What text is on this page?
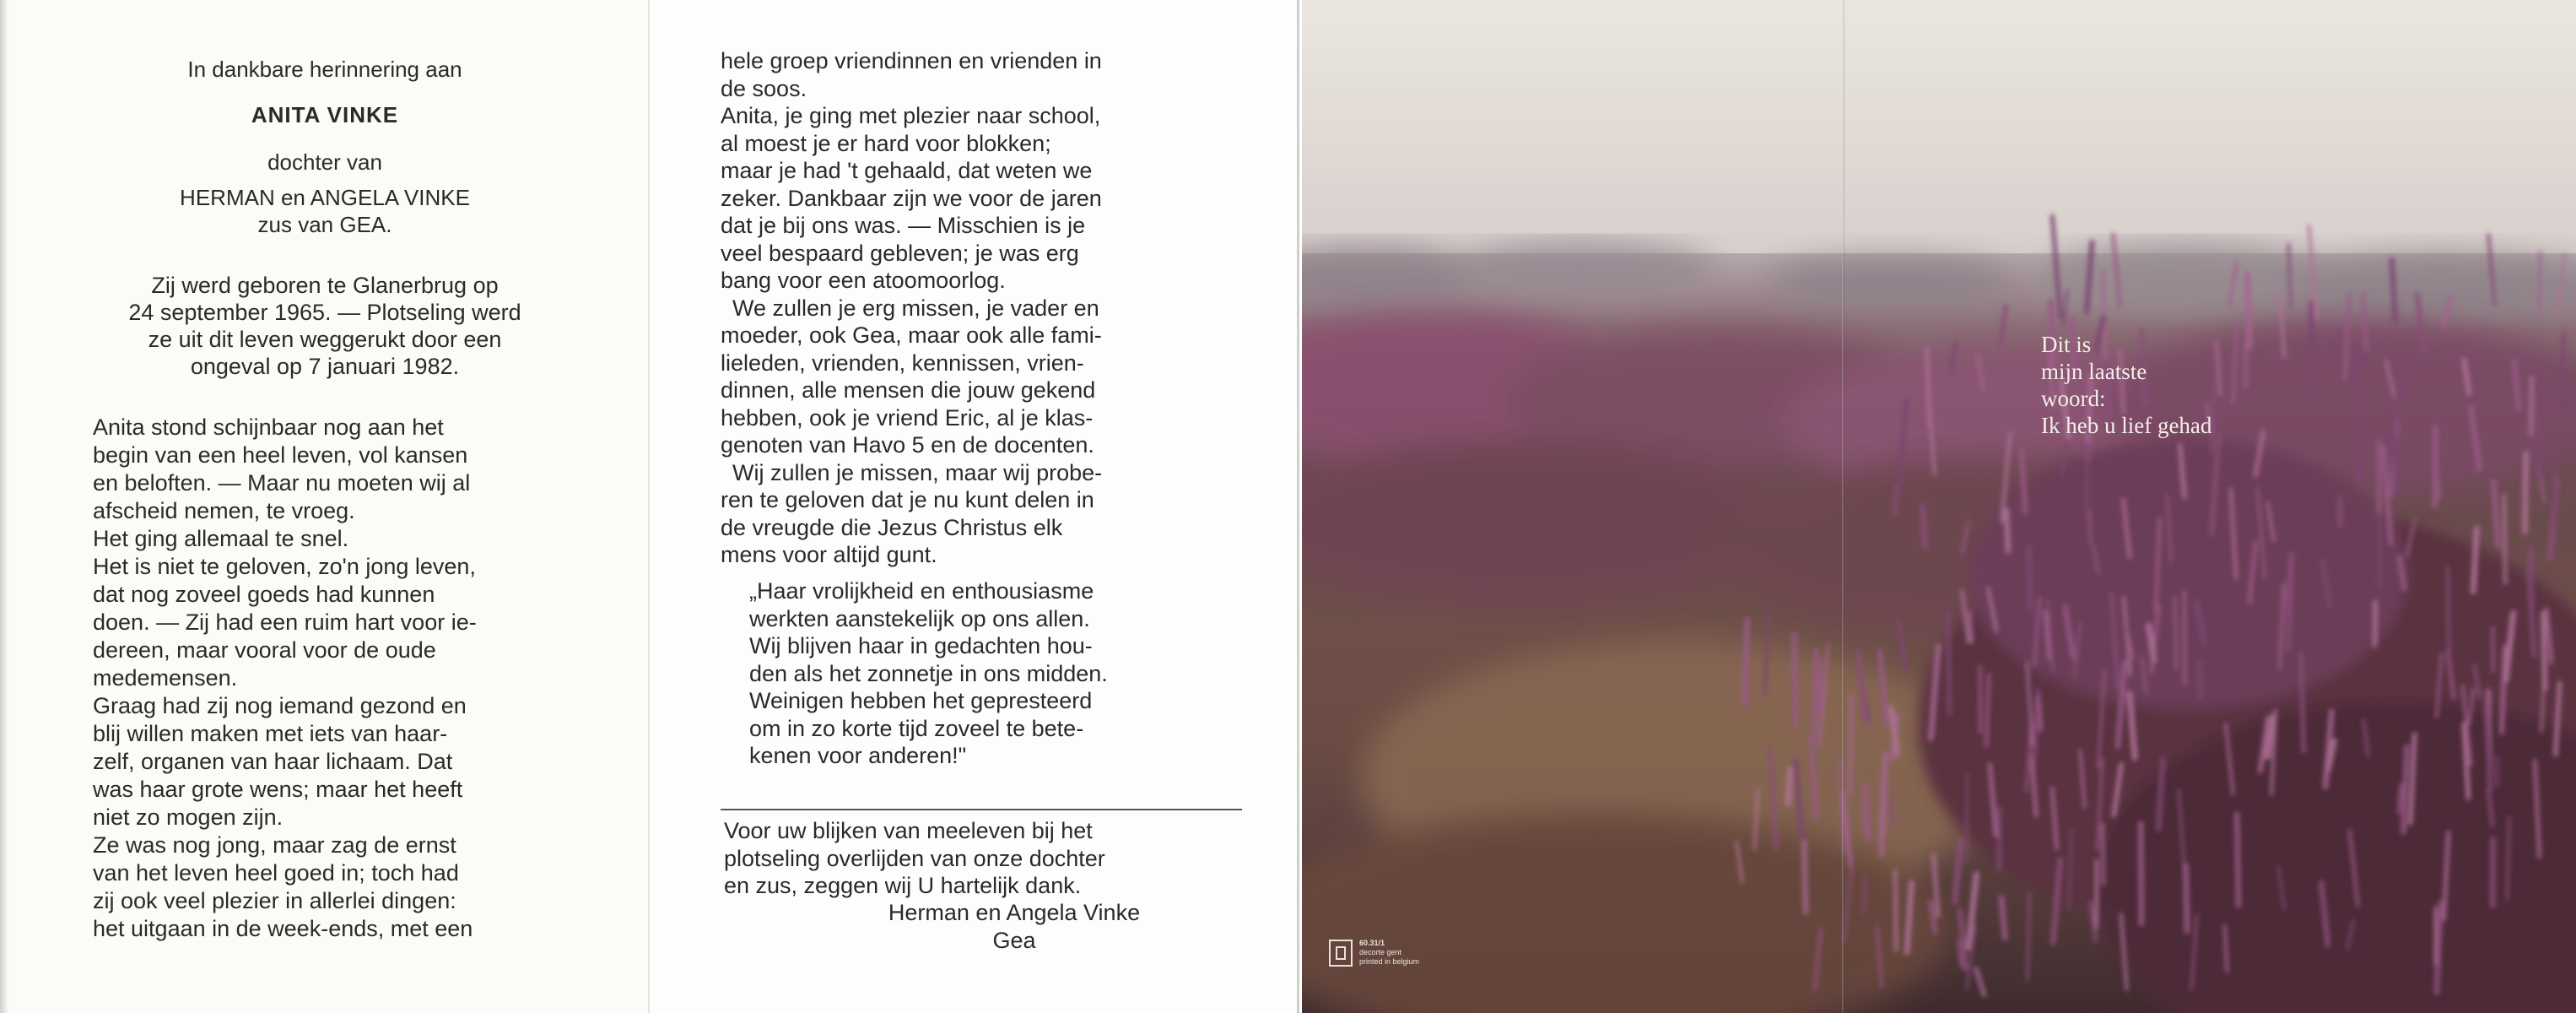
In dankbare herinnering aan
ANITA VINKE
dochter van
HERMAN en ANGELA VINKE
zus van GEA.
Zij werd geboren te Glanerbrug op
24 september 1965. — Plotseling werd
ze uit dit leven weggerukt door een
ongeval op 7 januari 1982.
Anita stond schijnbaar nog aan het
begin van een heel leven, vol kansen
en beloften. — Maar nu moeten wij al
afscheid nemen, te vroeg.
Het ging allemaal te snel.
Het is niet te geloven, zo'n jong leven,
dat nog zoveel goeds had kunnen
doen. — Zij had een ruim hart voor ie-
dereen, maar vooral voor de oude
medemensen.
Graag had zij nog iemand gezond en
blij willen maken met iets van haar-
zelf, organen van haar lichaam. Dat
was haar grote wens; maar het heeft
niet zo mogen zijn.
Ze was nog jong, maar zag de ernst
van het leven heel goed in; toch had
zij ook veel plezier in allerlei dingen:
het uitgaan in de week-ends, met een
hele groep vriendinnen en vrienden in
de soos.
Anita, je ging met plezier naar school,
al moest je er hard voor blokken;
maar je had 't gehaald, dat weten we
zeker. Dankbaar zijn we voor de jaren
dat je bij ons was. — Misschien is je
veel bespaard gebleven; je was erg
bang voor een atoomoorlog.
We zullen je erg missen, je vader en
moeder, ook Gea, maar ook alle fami-
lieleden, vrienden, kennissen, vrien-
dinnen, alle mensen die jouw gekend
hebben, ook je vriend Eric, al je klas-
genoten van Havo 5 en de docenten.
Wij zullen je missen, maar wij probe-
ren te geloven dat je nu kunt delen in
de vreugde die Jezus Christus elk
mens voor altijd gunt.
„Haar vrolijkheid en enthousiasme
werkten aanstekelijk op ons allen.
Wij blijven haar in gedachten hou-
den als het zonnetje in ons midden.
Weinigen hebben het gepresteerd
om in zo korte tijd zoveel te bete-
kenen voor anderen!"
Voor uw blijken van meeleven bij het
plotseling overlijden van onze dochter
en zus, zeggen wij U hartelijk dank.
Herman en Angela Vinke
Gea
Dit is
mijn laatste
woord:
Ik heb u lief gehad
60.31/1
decorte gent
printed in belgium
